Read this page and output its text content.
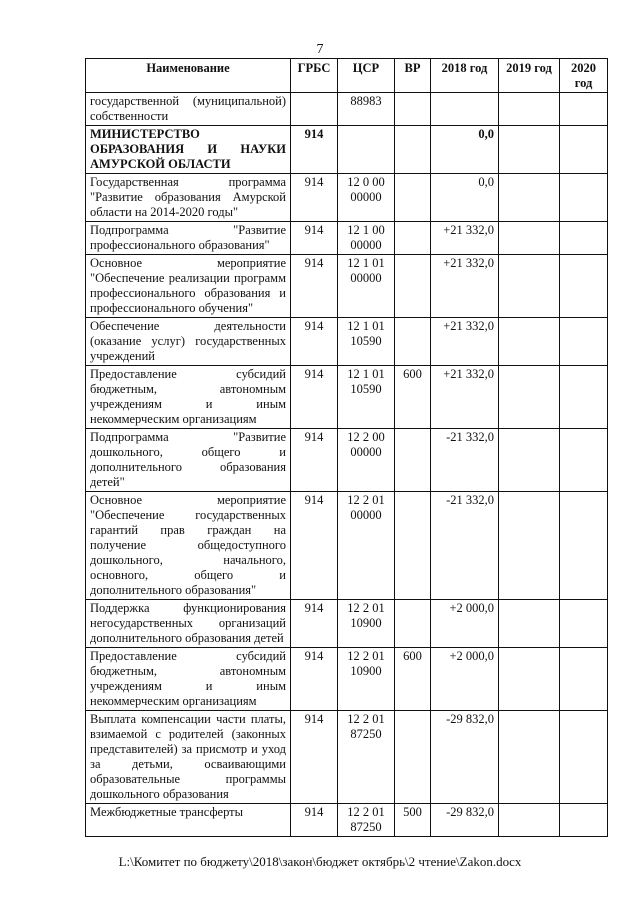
7
Наименование	ГРБС	ЦСР	ВР	2018 год	2019 год	2020 год
государственной (муниципальной) собственности		88983				
МИНИСТЕРСТВО ОБРАЗОВАНИЯ И НАУКИ АМУРСКОЙ ОБЛАСТИ	914			0,0		
Государственная программа "Развитие образования Амурской области на 2014-2020 годы"	914	12 0 00 00000		0,0		
Подпрограмма "Развитие профессионального образования"	914	12 1 00 00000		+21 332,0		
Основное мероприятие "Обеспечение реализации программ профессионального образования и профессионального обучения"	914	12 1 01 00000		+21 332,0		
Обеспечение деятельности (оказание услуг) государственных учреждений	914	12 1 01 10590		+21 332,0		
Предоставление субсидий бюджетным, автономным учреждениям и иным некоммерческим организациям	914	12 1 01 10590	600	+21 332,0		
Подпрограмма "Развитие дошкольного, общего и дополнительного образования детей"	914	12 2 00 00000		-21 332,0		
Основное мероприятие "Обеспечение государственных гарантий прав граждан на получение общедоступного дошкольного, начального, основного, общего и дополнительного образования"	914	12 2 01 00000		-21 332,0		
Поддержка функционирования негосударственных организаций дополнительного образования детей	914	12 2 01 10900		+2 000,0		
Предоставление субсидий бюджетным, автономным учреждениям и иным некоммерческим организациям	914	12 2 01 10900	600	+2 000,0		
Выплата компенсации части платы, взимаемой с родителей (законных представителей) за присмотр и уход за детьми, осваивающими образовательные программы дошкольного образования	914	12 2 01 87250		-29 832,0		
Межбюджетные трансферты	914	12 2 01 87250	500	-29 832,0		
L:\Комитет по бюджету\2018\закон\бюджет октябрь\2 чтение\Zakon.docx
